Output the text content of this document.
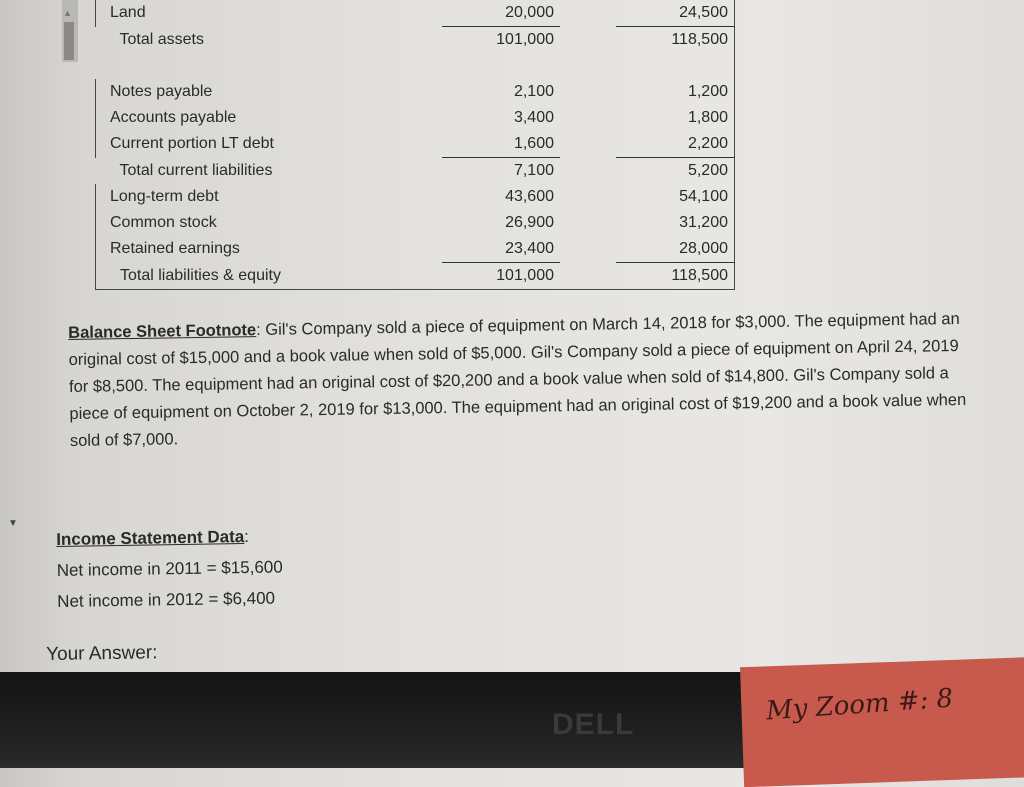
▲
▼
Land	20,000		24,500
Total assets	101,000		118,500

Notes payable	2,100		1,200
Accounts payable	3,400		1,800
Current portion LT debt	1,600		2,200
Total current liabilities	7,100		5,200
Long-term debt	43,600		54,100
Common stock	26,900		31,200
Retained earnings	23,400		28,000
Total liabilities & equity	101,000		118,500
Balance Sheet Footnote: Gil's Company sold a piece of equipment on March 14, 2018 for $3,000. The equipment had an original cost of $15,000 and a book value when sold of $5,000. Gil's Company sold a piece of equipment on April 24, 2019 for $8,500. The equipment had an original cost of $20,200 and a book value when sold of $14,800. Gil's Company sold a piece of equipment on October 2, 2019 for $13,000. The equipment had an original cost of $19,200 and a book value when sold of $7,000.
Income Statement Data:
Net income in 2011 = $15,600
Net income in 2012 = $6,400
Your Answer:
DELL	My Zoom #: 8
